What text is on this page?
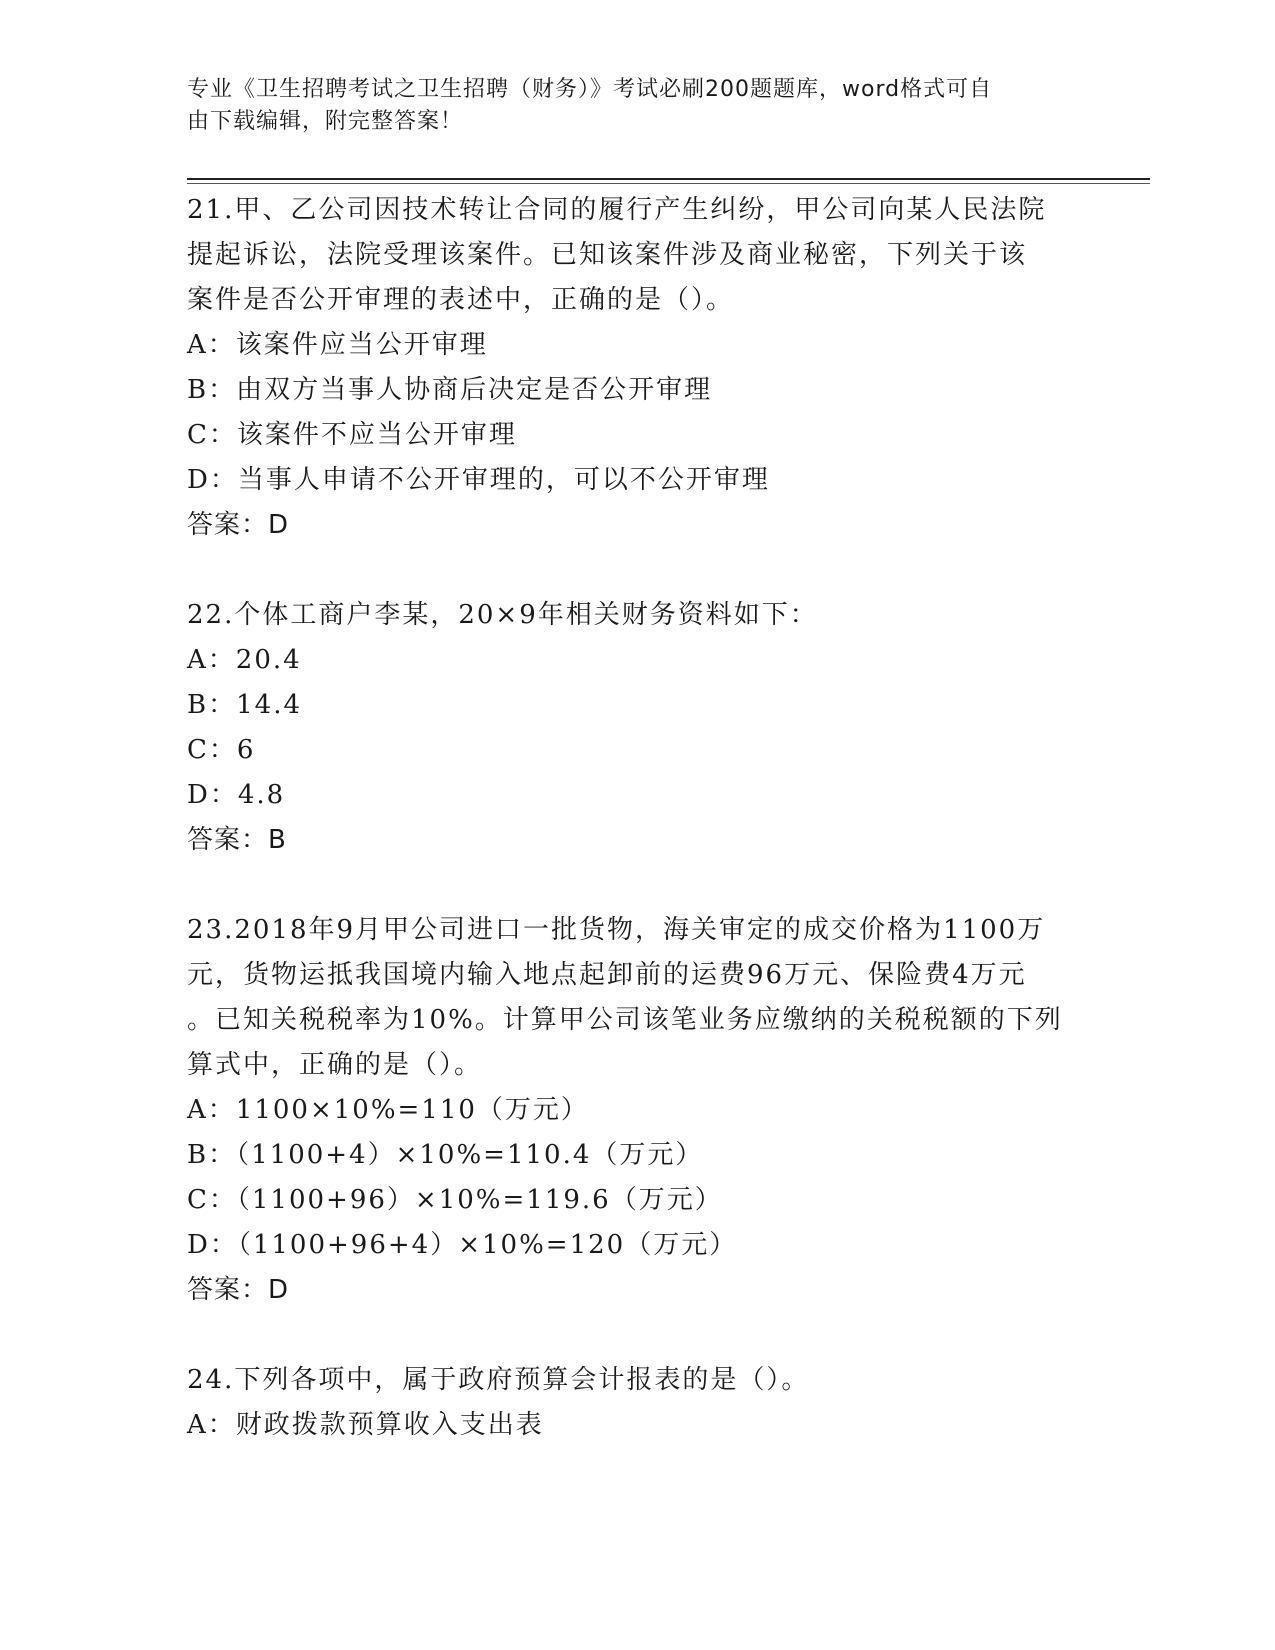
专业《卫生招聘考试之卫生招聘（财务）》考试必刷200题题库，word格式可自
由下载编辑，附完整答案！
21.甲、乙公司因技术转让合同的履行产生纠纷，甲公司向某人民法院
提起诉讼，法院受理该案件。已知该案件涉及商业秘密，下列关于该
案件是否公开审理的表述中，正确的是（）。
A：该案件应当公开审理
B：由双方当事人协商后决定是否公开审理
C：该案件不应当公开审理
D：当事人申请不公开审理的，可以不公开审理
答案：D
22.个体工商户李某，20×9年相关财务资料如下：
A：20.4
B：14.4
C：6
D：4.8
答案：B
23.2018年9月甲公司进口一批货物，海关审定的成交价格为1100万
元，货物运抵我国境内输入地点起卸前的运费96万元、保险费4万元
。已知关税税率为10%。计算甲公司该笔业务应缴纳的关税税额的下列
算式中，正确的是（）。
A：1100×10%=110（万元）
B：（1100+4）×10%=110.4（万元）
C：（1100+96）×10%=119.6（万元）
D：（1100+96+4）×10%=120（万元）
答案：D
24.下列各项中，属于政府预算会计报表的是（）。
A：财政拨款预算收入支出表
